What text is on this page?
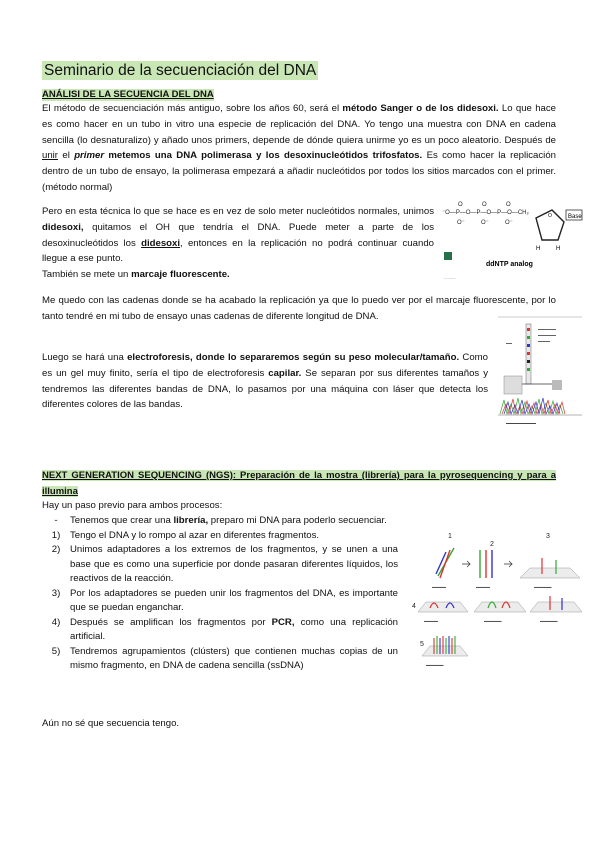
Seminario de la secuenciación del DNA
ANÁLISI DE LA SECUENCIA DEL DNA
El método de secuenciación más antiguo, sobre los años 60, será el método Sanger o de los didesoxi. Lo que hace es como hacer en un tubo in vitro una especie de replicación del DNA. Yo tengo una muestra con DNA en cadena sencilla (lo desnaturalizo) y añado unos primers, depende de dónde quiera unirme yo es un poco aleatorio. Después de unir el primer metemos una DNA polimerasa y los desoxinucleótidos trifosfatos. Es como hacer la replicación dentro de un tubo de ensayo, la polimerasa empezará a añadir nucleótidos por todos los sitios marcados con el primer. (método normal)
Pero en esta técnica lo que se hace es en vez de solo meter nucleótidos normales, unimos didesoxi, quitamos el OH que tendría el DNA. Puede meter a parte de los desoxinucleótidos los didesoxi, entonces en la replicación no podrá continuar cuando llegue a ese punto.
También se mete un marcaje fluorescente.
⁻O—P—O—P—O—P—O—CH₂
O	O	O
O⁻	O⁻	O⁻
O
H	H
Base
ddNTP analog
··········
Me quedo con las cadenas donde se ha acabado la replicación ya que lo puedo ver por el marcaje fluorescente, por lo tanto tendré en mi tubo de ensayo unas cadenas de diferente longitud de DNA.
Luego se hará una electroforesis, donde lo separaremos según su peso molecular/tamaño. Como es un gel muy finito, sería el tipo de electroforesis capilar. Se separan por sus diferentes tamaños y tendremos las diferentes bandas de DNA, lo pasamos por una máquina con láser que detecta los diferentes colores de las bandas.
▬▬▬▬▬▬
▬▬▬▬▬▬
▬▬▬▬
▬▬
▬▬▬▬▬▬▬▬▬▬
NEXT GENERATION SEQUENCING (NGS): Preparación de la mostra (librería) para la pyrosequencing y para a illumina
Hay un paso previo para ambos procesos:
-	Tenemos que crear una librería, preparo mi DNA para poderlo secuenciar.
1)	Tengo el DNA y lo rompo al azar en diferentes fragmentos.
2)	Unimos adaptadores a los extremos de los fragmentos, y se unen a una base que es como una superficie por donde pasaran diferentes líquidos, los reactivos de la reacción.
3)	Por los adaptadores se pueden unir los fragmentos del DNA, es importante que se puedan enganchar.
4)	Después se amplifican los fragmentos por PCR, como una replicación artificial.
5)	Tendremos agrupamientos (clústers) que contienen muchas copias de un mismo fragmento, en DNA de cadena sencilla (ssDNA)
Aún no sé que secuencia tengo.
1
2
3
4
5
▬▬▬▬	▬▬▬▬	▬▬▬▬▬
▬▬▬▬	▬▬▬▬▬	▬▬▬▬▬
▬▬▬▬▬
